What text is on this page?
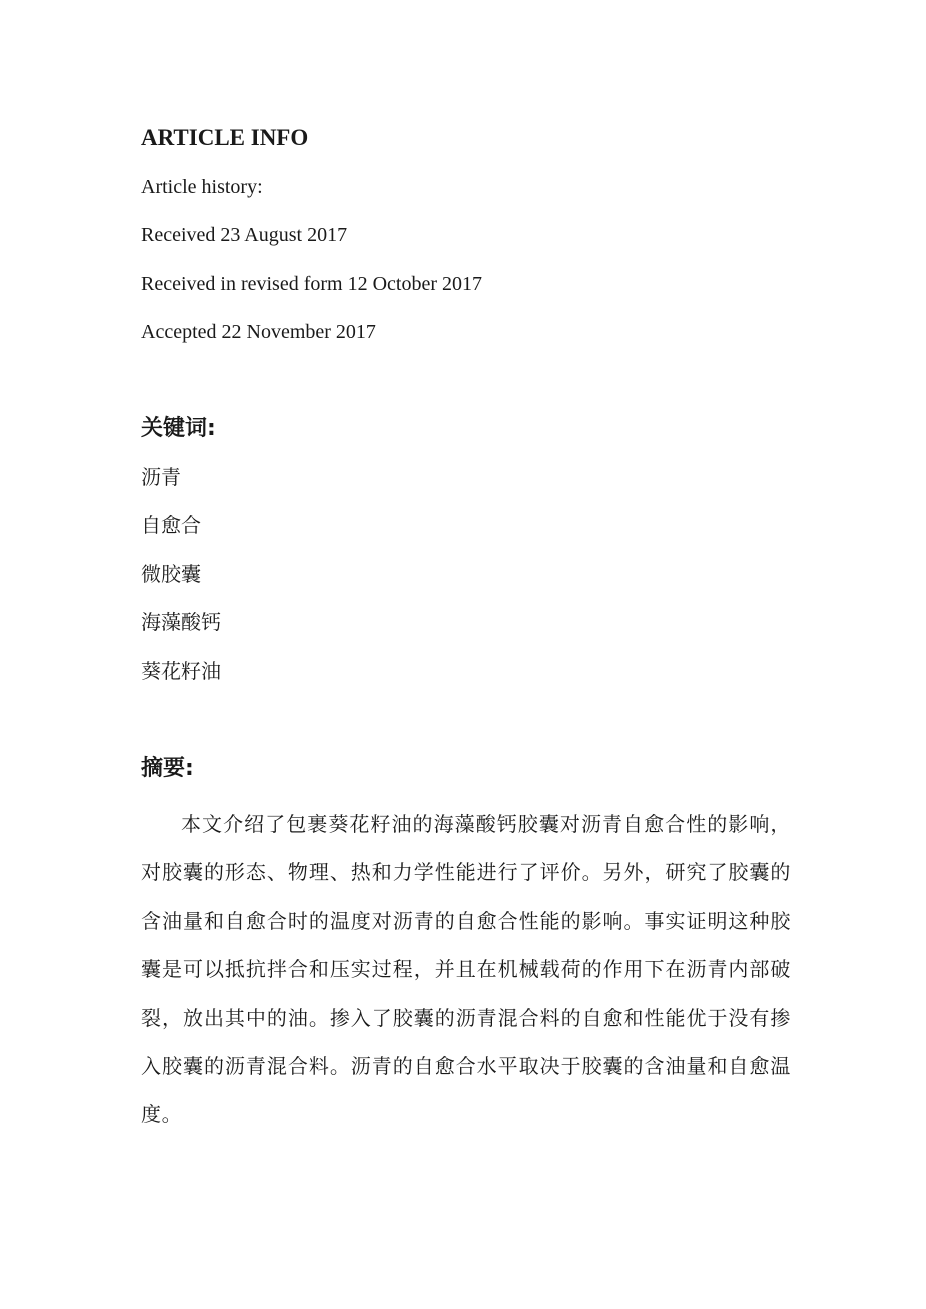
ARTICLE INFO
Article history:
Received 23 August 2017
Received in revised form 12 October 2017
Accepted 22 November 2017
关键词:
沥青
自愈合
微胶囊
海藻酸钙
葵花籽油
摘要:

本文介绍了包裹葵花籽油的海藻酸钙胶囊对沥青自愈合性的影响，对胶囊的形态、物理、热和力学性能进行了评价。另外，研究了胶囊的含油量和自愈合时的温度对沥青的自愈合性能的影响。事实证明这种胶囊是可以抵抗拌合和压实过程，并且在机械载荷的作用下在沥青内部破裂，放出其中的油。掺入了胶囊的沥青混合料的自愈和性能优于没有掺入胶囊的沥青混合料。沥青的自愈合水平取决于胶囊的含油量和自愈温度。
